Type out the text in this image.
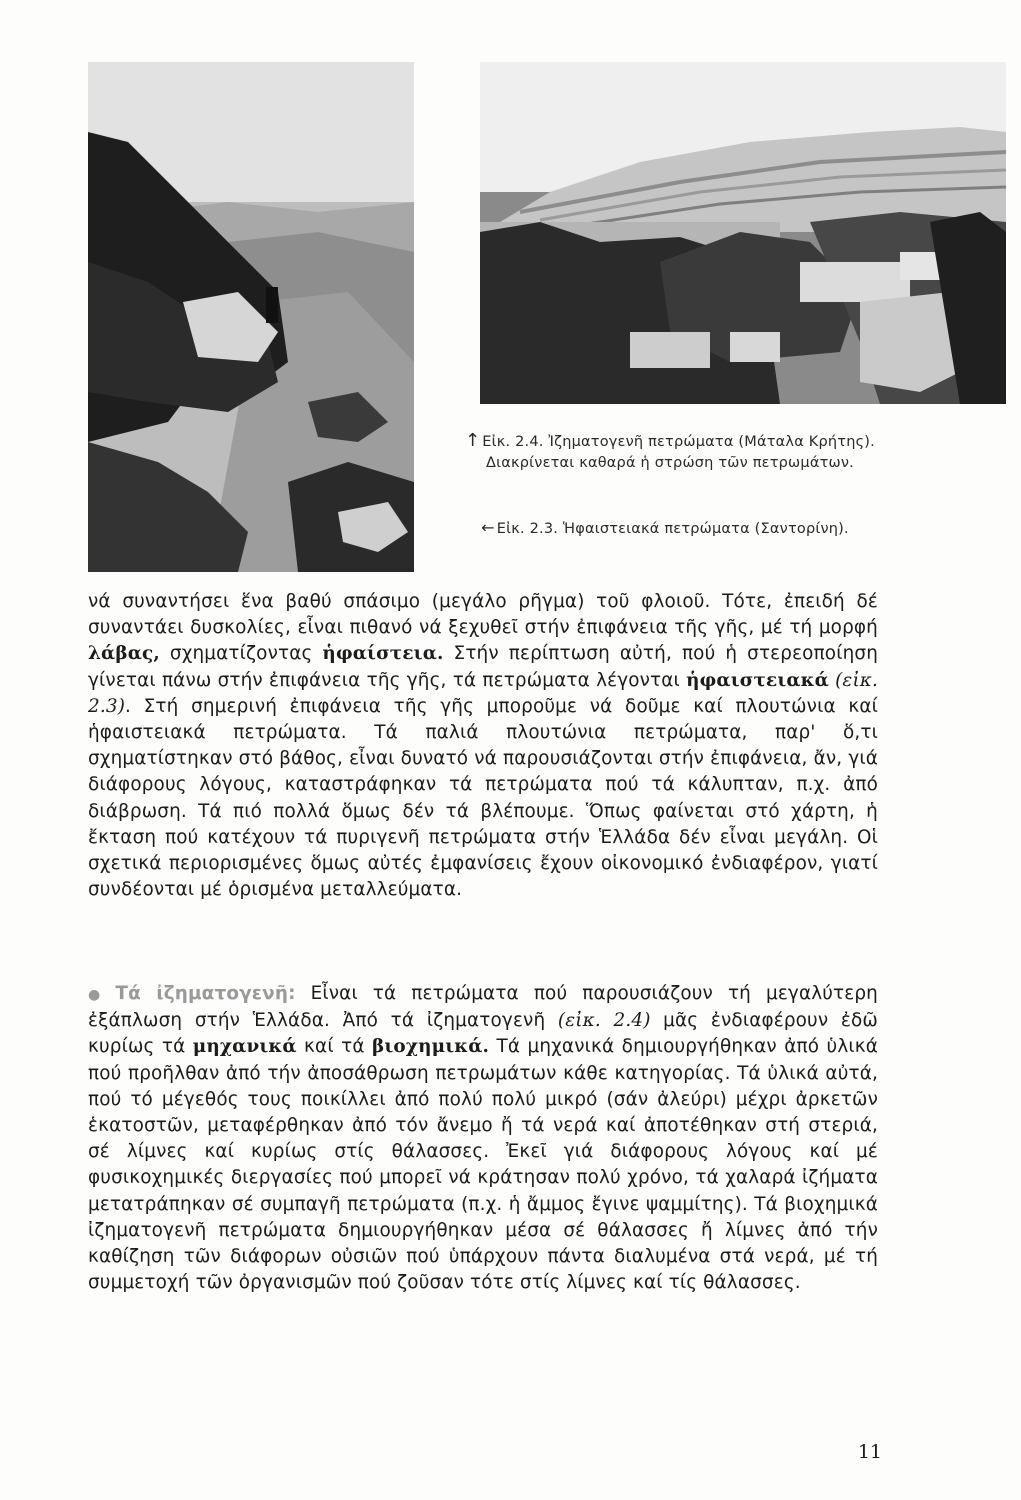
↑ Εἰκ. 2.4. Ἰζηματογενῆ πετρώματα (Μάταλα Κρήτης). Διακρίνεται καθαρά ἡ στρώση τῶν πετρωμάτων.
← Εἰκ. 2.3. Ἡφαιστειακά πετρώματα (Σαντορίνη).
νά συναντήσει ἕνα βαθύ σπάσιμο (μεγάλο ρῆγμα) τοῦ φλοιοῦ. Τότε, ἐπειδή δέ συναντάει δυσκολίες, εἶναι πιθανό νά ξεχυθεῖ στήν ἐπιφάνεια τῆς γῆς, μέ τή μορφή λάβας, σχηματίζοντας ἡφαίστεια. Στήν περίπτωση αὐτή, πού ἡ στερεοποίηση γίνεται πάνω στήν ἐπιφάνεια τῆς γῆς, τά πετρώματα λέγονται ἡφαιστειακά (εἰκ. 2.3). Στή σημερινή ἐπιφάνεια τῆς γῆς μποροῦμε νά δοῦμε καί πλουτώνια καί ἡφαιστειακά πετρώματα. Τά παλιά πλουτώνια πετρώματα, παρ' ὅ,τι σχηματίστηκαν στό βάθος, εἶναι δυνατό νά παρουσιάζονται στήν ἐπιφάνεια, ἄν, γιά διάφορους λόγους, καταστράφηκαν τά πετρώματα πού τά κάλυπταν, π.χ. ἀπό διάβρωση. Τά πιό πολλά ὅμως δέν τά βλέπουμε. Ὅπως φαίνεται στό χάρτη, ἡ ἔκταση πού κατέχουν τά πυριγενῆ πετρώματα στήν Ἑλλάδα δέν εἶναι μεγάλη. Οἱ σχετικά περιορισμένες ὅμως αὐτές ἐμφανίσεις ἔχουν οἰκονομικό ἐνδιαφέρον, γιατί συνδέονται μέ ὁρισμένα μεταλλεύματα.
● Τά ἰζηματογενῆ: Εἶναι τά πετρώματα πού παρουσιάζουν τή μεγαλύτερη ἐξάπλωση στήν Ἑλλάδα. Ἀπό τά ἰζηματογενῆ (εἰκ. 2.4) μᾶς ἐνδιαφέρουν ἐδῶ κυρίως τά μηχανικά καί τά βιοχημικά. Τά μηχανικά δημιουργήθηκαν ἀπό ὑλικά πού προῆλθαν ἀπό τήν ἀποσάθρωση πετρωμάτων κάθε κατηγορίας. Τά ὑλικά αὐτά, πού τό μέγεθός τους ποικίλλει ἀπό πολύ πολύ μικρό (σάν ἀλεύρι) μέχρι ἀρκετῶν ἑκατοστῶν, μεταφέρθηκαν ἀπό τόν ἄνεμο ἤ τά νερά καί ἀποτέθηκαν στή στεριά, σέ λίμνες καί κυρίως στίς θάλασσες. Ἐκεῖ γιά διάφορους λόγους καί μέ φυσικοχημικές διεργασίες πού μπορεῖ νά κράτησαν πολύ χρόνο, τά χαλαρά ἰζήματα μετατράπηκαν σέ συμπαγῆ πετρώματα (π.χ. ἡ ἄμμος ἔγινε ψαμμίτης). Τά βιοχημικά ἰζηματογενῆ πετρώματα δημιουργήθηκαν μέσα σέ θάλασσες ἤ λίμνες ἀπό τήν καθίζηση τῶν διάφορων οὐσιῶν πού ὑπάρχουν πάντα διαλυμένα στά νερά, μέ τή συμμετοχή τῶν ὀργανισμῶν πού ζοῦσαν τότε στίς λίμνες καί τίς θάλασσες.
11
